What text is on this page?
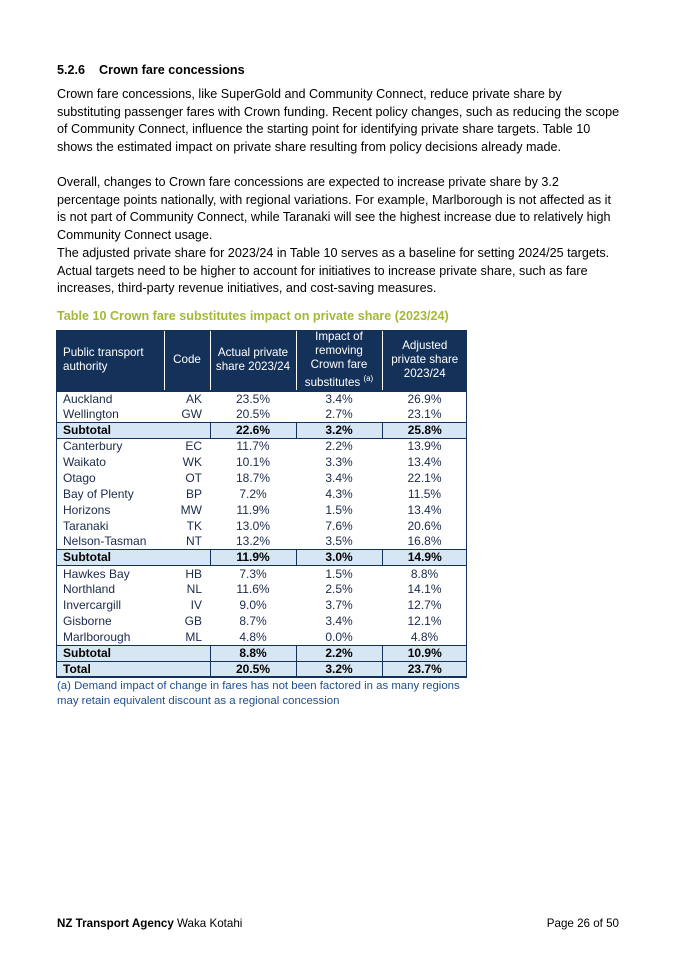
5.2.6 Crown fare concessions

Crown fare concessions, like SuperGold and Community Connect, reduce private share by substituting passenger fares with Crown funding. Recent policy changes, such as reducing the scope of Community Connect, influence the starting point for identifying private share targets. Table 10 shows the estimated impact on private share resulting from policy decisions already made.

Overall, changes to Crown fare concessions are expected to increase private share by 3.2 percentage points nationally, with regional variations. For example, Marlborough is not affected as it is not part of Community Connect, while Taranaki will see the highest increase due to relatively high Community Connect usage.

The adjusted private share for 2023/24 in Table 10 serves as a baseline for setting 2024/25 targets. Actual targets need to be higher to account for initiatives to increase private share, such as fare increases, third-party revenue initiatives, and cost-saving measures.

Table 10 Crown fare substitutes impact on private share (2023/24)
Public transport authority	Code	Actual private share 2023/24	Impact of removing Crown fare substitutes $^{(a)}$	Adjusted private share 2023/24
Auckland	AK	23.5%	3.4%	26.9%
Wellington	GW	20.5%	2.7%	23.1%
Subtotal		22.6%	3.2%	25.8%
Canterbury	EC	11.7%	2.2%	13.9%
Waikato	WK	10.1%	3.3%	13.4%
Otago	OT	18.7%	3.4%	22.1%
Bay of Plenty	BP	7.2%	4.3%	11.5%
Horizons	MW	11.9%	1.5%	13.4%
Taranaki	TK	13.0%	7.6%	20.6%
Nelson-Tasman	NT	13.2%	3.5%	16.8%
Subtotal		11.9%	3.0%	14.9%
Hawkes Bay	HB	7.3%	1.5%	8.8%
Northland	NL	11.6%	2.5%	14.1%
Invercargill	IV	9.0%	3.7%	12.7%
Gisborne	GB	8.7%	3.4%	12.1%
Marlborough	ML	4.8%	0.0%	4.8%
Subtotal		8.8%	2.2%	10.9%
Total		20.5%	3.2%	23.7%
(a) Demand impact of change in fares has not been factored in as many regions may retain equivalent discount as a regional concession
NZ Transport Agency Waka Kotahi	Page 26 of 50
